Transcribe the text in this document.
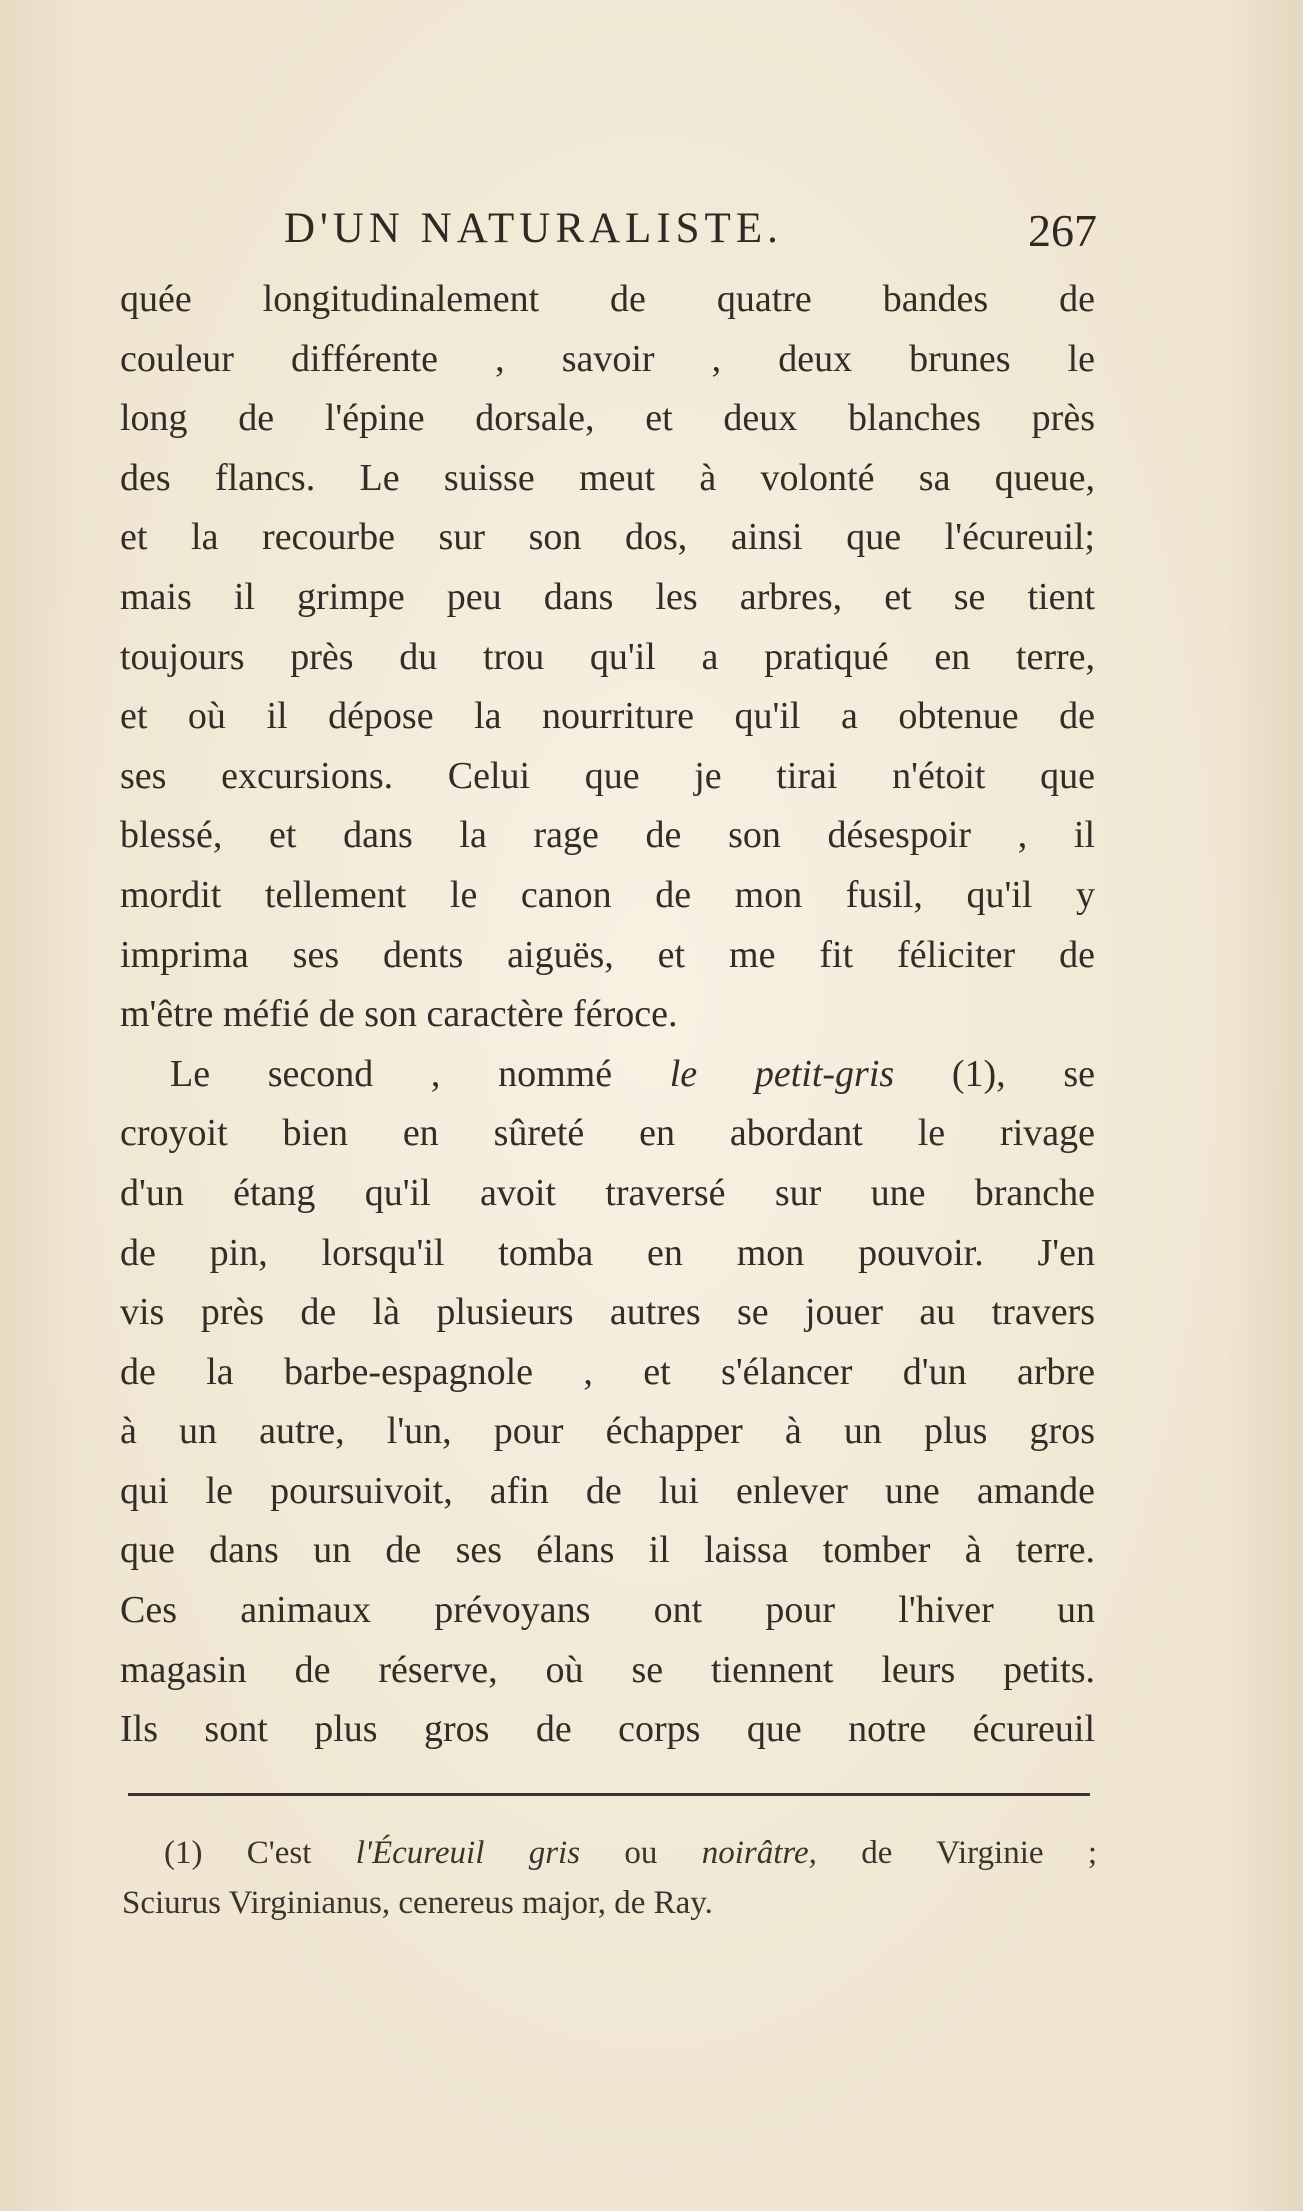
D'UN NATURALISTE.	267
quée longitudinalement de quatre bandes de
couleur différente , savoir , deux brunes le
long de l'épine dorsale, et deux blanches près
des flancs. Le suisse meut à volonté sa queue,
et la recourbe sur son dos, ainsi que l'écureuil;
mais il grimpe peu dans les arbres, et se tient
toujours près du trou qu'il a pratiqué en terre,
et où il dépose la nourriture qu'il a obtenue de
ses excursions. Celui que je tirai n'étoit que
blessé, et dans la rage de son désespoir , il
mordit tellement le canon de mon fusil, qu'il y
imprima ses dents aiguës, et me fit féliciter de
m'être méfié de son caractère féroce.
Le second , nommé le petit-gris (1), se
croyoit bien en sûreté en abordant le rivage
d'un étang qu'il avoit traversé sur une branche
de pin, lorsqu'il tomba en mon pouvoir. J'en
vis près de là plusieurs autres se jouer au travers
de la barbe-espagnole , et s'élancer d'un arbre
à un autre, l'un, pour échapper à un plus gros
qui le poursuivoit, afin de lui enlever une amande
que dans un de ses élans il laissa tomber à terre.
Ces animaux prévoyans ont pour l'hiver un
magasin de réserve, où se tiennent leurs petits.
Ils sont plus gros de corps que notre écureuil
(1) C'est l'Écureuil gris ou noirâtre, de Virginie ;
Sciurus Virginianus, cenereus major, de Ray.
